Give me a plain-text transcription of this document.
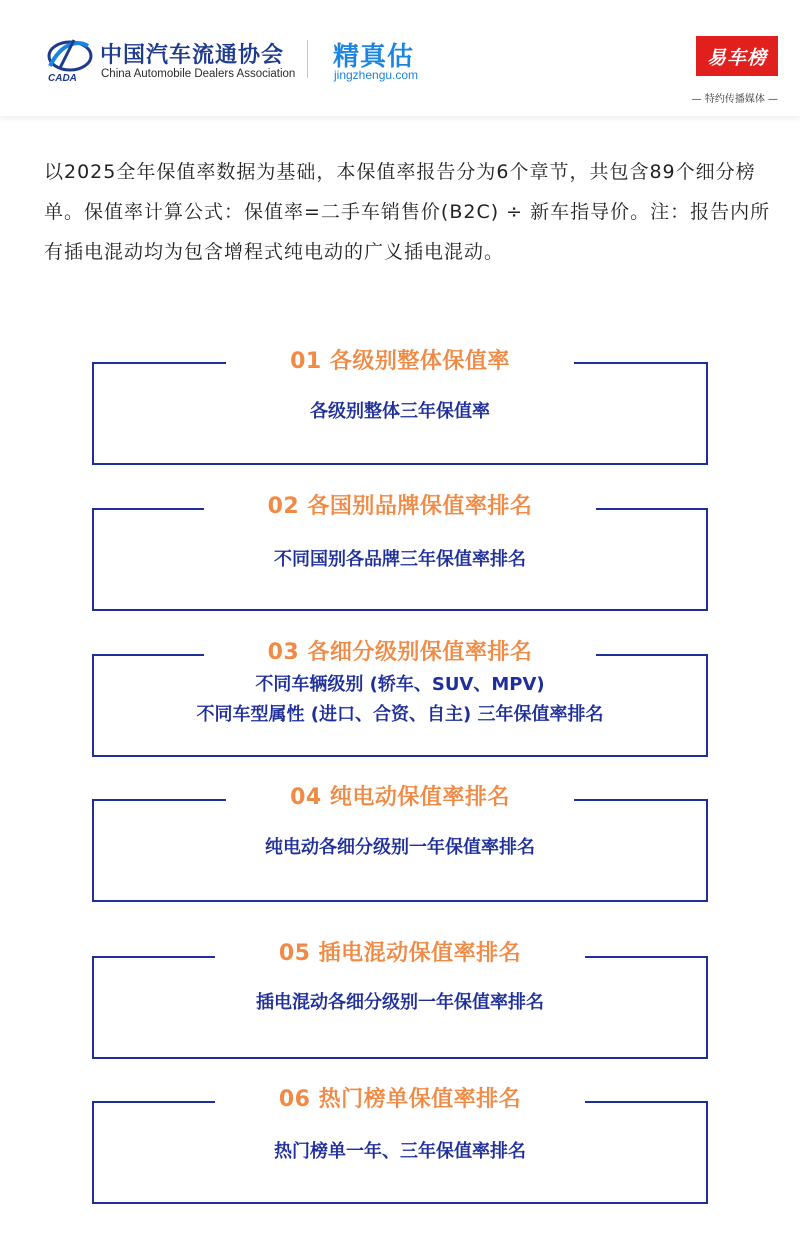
CADA
中国汽车流通协会
China Automobile Dealers Association
精真估
jingzhengu.com
易车榜
— 特约传播媒体 —
以2025全年保值率数据为基础，本保值率报告分为6个章节，共包含89个细分榜单。保值率计算公式：保值率=二手车销售价(B2C) ÷ 新车指导价。注：报告内所有插电混动均为包含增程式纯电动的广义插电混动。
01 各级别整体保值率
各级别整体三年保值率
02 各国别品牌保值率排名
不同国别各品牌三年保值率排名
03 各细分级别保值率排名
不同车辆级别 (轿车、SUV、MPV)
不同车型属性 (进口、合资、自主) 三年保值率排名
04 纯电动保值率排名
纯电动各细分级别一年保值率排名
05 插电混动保值率排名
插电混动各细分级别一年保值率排名
06 热门榜单保值率排名
热门榜单一年、三年保值率排名
